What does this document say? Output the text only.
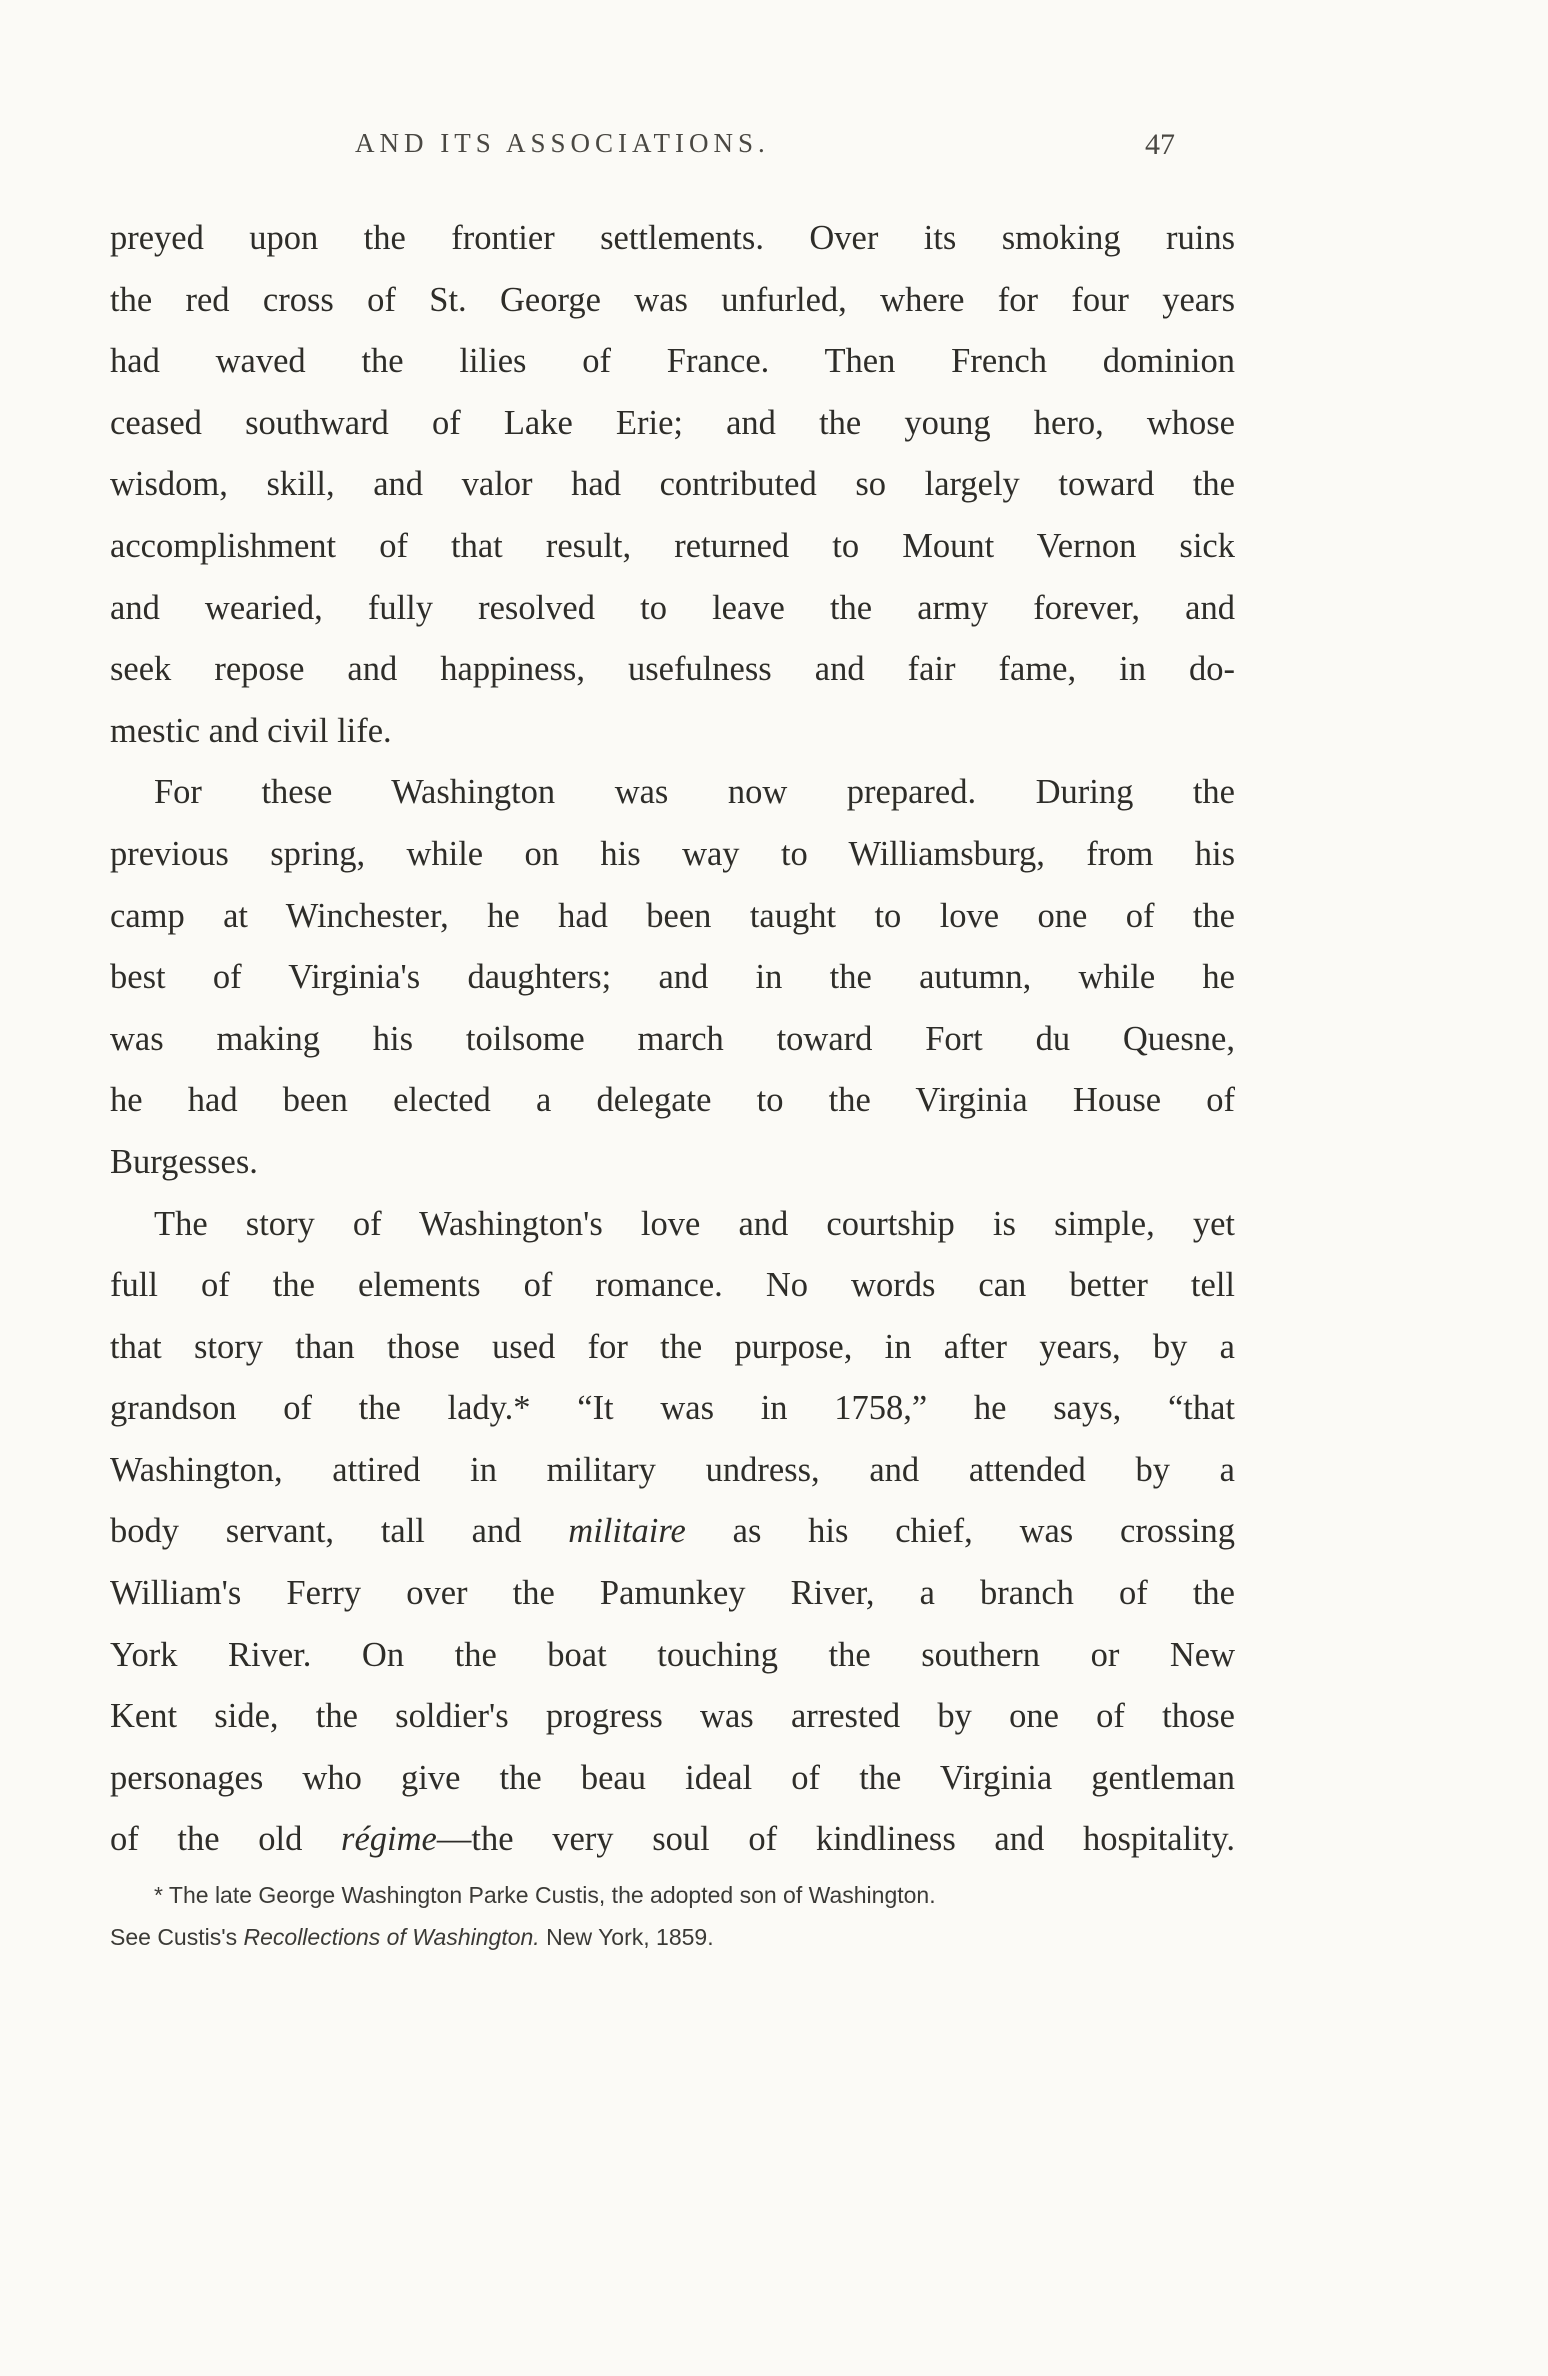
AND ITS ASSOCIATIONS.	47
preyed upon the frontier settlements. Over its smoking ruins
the red cross of St. George was unfurled, where for four years
had waved the lilies of France. Then French dominion
ceased southward of Lake Erie; and the young hero, whose
wisdom, skill, and valor had contributed so largely toward the
accomplishment of that result, returned to Mount Vernon sick
and wearied, fully resolved to leave the army forever, and
seek repose and happiness, usefulness and fair fame, in do-
mestic and civil life.
For these Washington was now prepared. During the
previous spring, while on his way to Williamsburg, from his
camp at Winchester, he had been taught to love one of the
best of Virginia's daughters; and in the autumn, while he
was making his toilsome march toward Fort du Quesne,
he had been elected a delegate to the Virginia House of
Burgesses.
The story of Washington's love and courtship is simple, yet
full of the elements of romance. No words can better tell
that story than those used for the purpose, in after years, by a
grandson of the lady.* “It was in 1758,” he says, “that
Washington, attired in military undress, and attended by a
body servant, tall and militaire as his chief, was crossing
William's Ferry over the Pamunkey River, a branch of the
York River. On the boat touching the southern or New
Kent side, the soldier's progress was arrested by one of those
personages who give the beau ideal of the Virginia gentleman
of the old régime—the very soul of kindliness and hospitality.
* The late George Washington Parke Custis, the adopted son of Washington.
See Custis's Recollections of Washington. New York, 1859.
